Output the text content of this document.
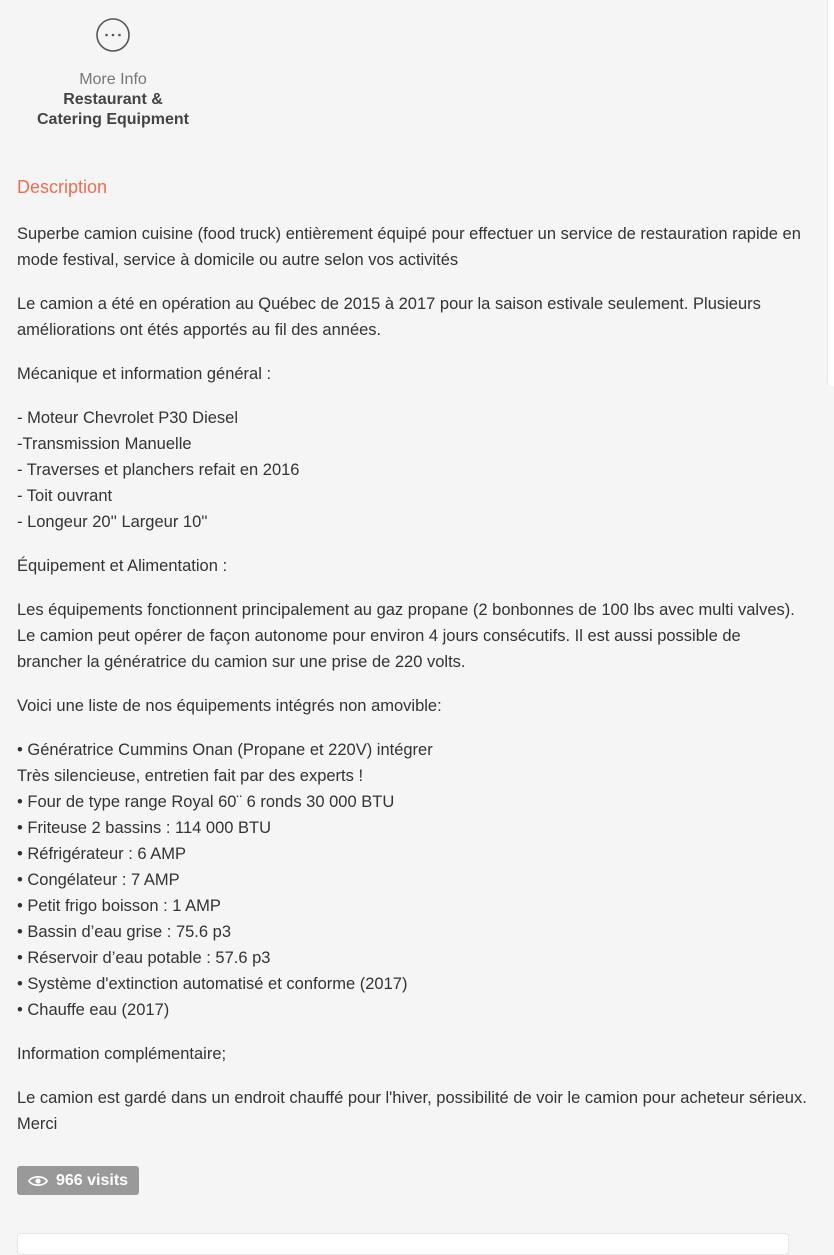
More Info
Restaurant &
Catering Equipment
Description

Superbe camion cuisine (food truck) entièrement équipé pour effectuer un service de restauration rapide en mode festival, service à domicile ou autre selon vos activités

Le camion a été en opération au Québec de 2015 à 2017 pour la saison estivale seulement. Plusieurs améliorations ont étés apportés au fil des années.

Mécanique et information général :

- Moteur Chevrolet P30 Diesel
-Transmission Manuelle
- Traverses et planchers refait en 2016
- Toit ouvrant
- Longeur 20'' Largeur 10''

Équipement et Alimentation :

Les équipements fonctionnent principalement au gaz propane (2 bonbonnes de 100 lbs avec multi valves). Le camion peut opérer de façon autonome pour environ 4 jours consécutifs. Il est aussi possible de brancher la génératrice du camion sur une prise de 220 volts.

Voici une liste de nos équipements intégrés non amovible:

• Génératrice Cummins Onan (Propane et 220V) intégrer
Très silencieuse, entretien fait par des experts !
• Four de type range Royal 60¨ 6 ronds 30 000 BTU
• Friteuse 2 bassins : 114 000 BTU
• Réfrigérateur : 6 AMP
• Congélateur : 7 AMP
• Petit frigo boisson : 1 AMP
• Bassin d’eau grise : 75.6 p3
• Réservoir d’eau potable : 57.6 p3
• Système d'extinction automatisé et conforme (2017)
• Chauffe eau (2017)

Information complémentaire;

Le camion est gardé dans un endroit chauffé pour l'hiver, possibilité de voir le camion pour acheteur sérieux. Merci

966 visits
